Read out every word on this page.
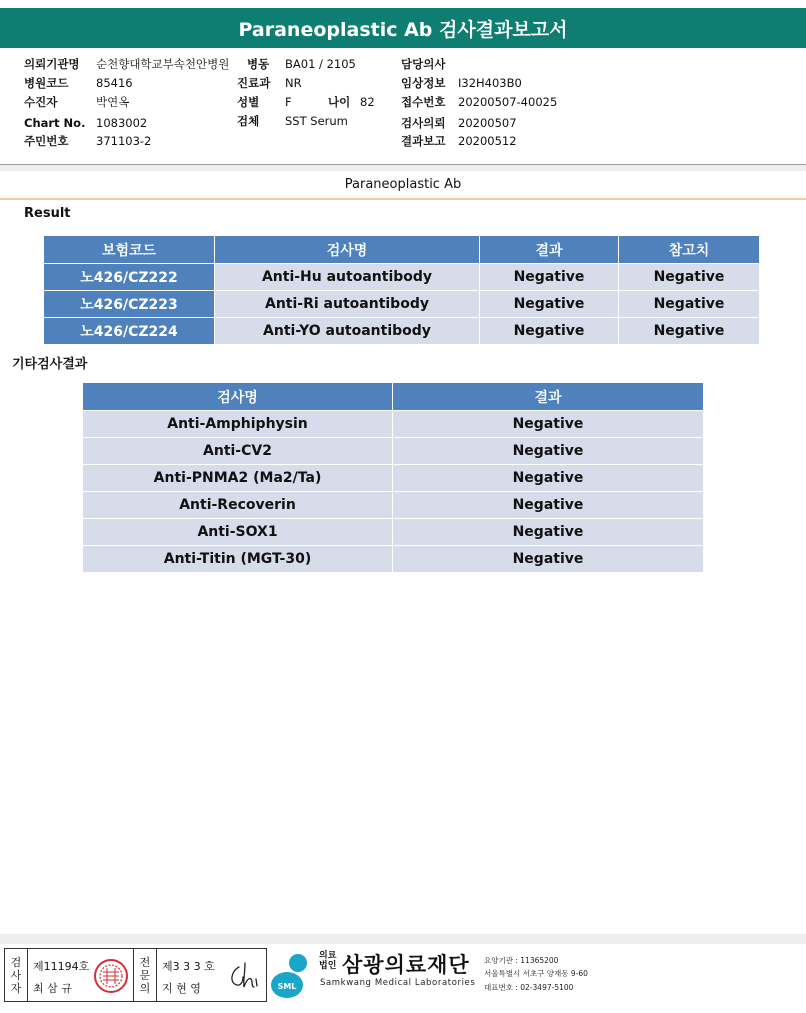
Paraneoplastic Ab 검사결과보고서
의뢰기관명 순천향대학교부속천안병원
병원코드 85416
수진자	박연옥
Chart No. 1083002
주민번호 371103-2
병동 BA01 / 2105
진료과 NR
성별 F	나이 82
검체 SST Serum
담당의사
임상정보 I32H403B0
접수번호 20200507-40025
검사의뢰 20200507
결과보고 20200512
Paraneoplastic Ab
Result
보험코드	검사명	결과	참고치
노426/CZ222	Anti-Hu autoantibody	Negative	Negative
노426/CZ223	Anti-Ri autoantibody	Negative	Negative
노426/CZ224	Anti-YO autoantibody	Negative	Negative
기타검사결과
검사명	결과
Anti-Amphiphysin	Negative
Anti-CV2	Negative
Anti-PNMA2 (Ma2/Ta)	Negative
Anti-Recoverin	Negative
Anti-SOX1	Negative
Anti-Titin (MGT-30)	Negative
검사자
제11194호
최 삼 규
전문의
제3 3 3 호
지 현 영	SML
의료
법인 삼광의료재단
Samkwang Medical Laboratories
요양기관 : 11365200
서울특별시 서초구 양재동 9-60
대표번호 : 02-3497-5100
